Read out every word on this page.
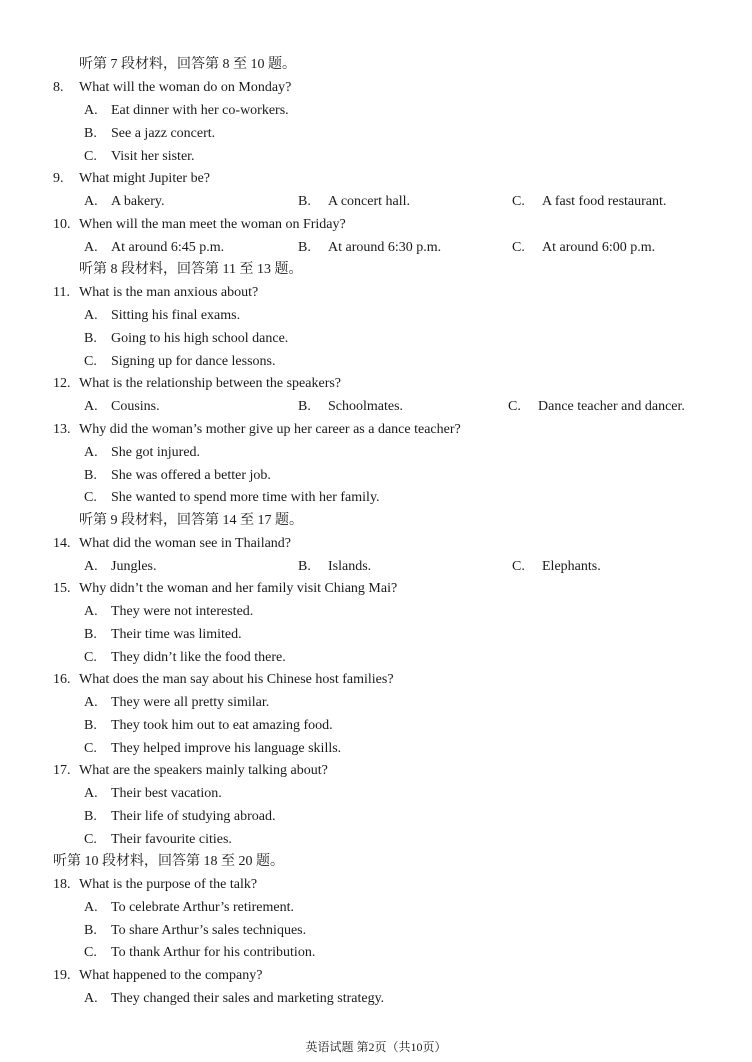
听第 7 段材料，回答第 8 至 10 题。
8. What will the woman do on Monday?
A. Eat dinner with her co-workers.
B. See a jazz concert.
C. Visit her sister.
9. What might Jupiter be?
A. A bakery.	B. A concert hall.	C. A fast food restaurant.
10. When will the man meet the woman on Friday?
A. At around 6:45 p.m.	B. At around 6:30 p.m.	C. At around 6:00 p.m.
听第 8 段材料，回答第 11 至 13 题。
11. What is the man anxious about?
A. Sitting his final exams.
B. Going to his high school dance.
C. Signing up for dance lessons.
12. What is the relationship between the speakers?
A. Cousins.	B. Schoolmates.	C. Dance teacher and dancer.
13. Why did the woman’s mother give up her career as a dance teacher?
A. She got injured.
B. She was offered a better job.
C. She wanted to spend more time with her family.
听第 9 段材料，回答第 14 至 17 题。
14. What did the woman see in Thailand?
A. Jungles.	B. Islands.	C. Elephants.
15. Why didn’t the woman and her family visit Chiang Mai?
A. They were not interested.
B. Their time was limited.
C. They didn’t like the food there.
16. What does the man say about his Chinese host families?
A. They were all pretty similar.
B. They took him out to eat amazing food.
C. They helped improve his language skills.
17. What are the speakers mainly talking about?
A. Their best vacation.
B. Their life of studying abroad.
C. Their favourite cities.
听第 10 段材料，回答第 18 至 20 题。
18. What is the purpose of the talk?
A. To celebrate Arthur’s retirement.
B. To share Arthur’s sales techniques.
C. To thank Arthur for his contribution.
19. What happened to the company?
A. They changed their sales and marketing strategy.
英语试题 第2页（共10页）
